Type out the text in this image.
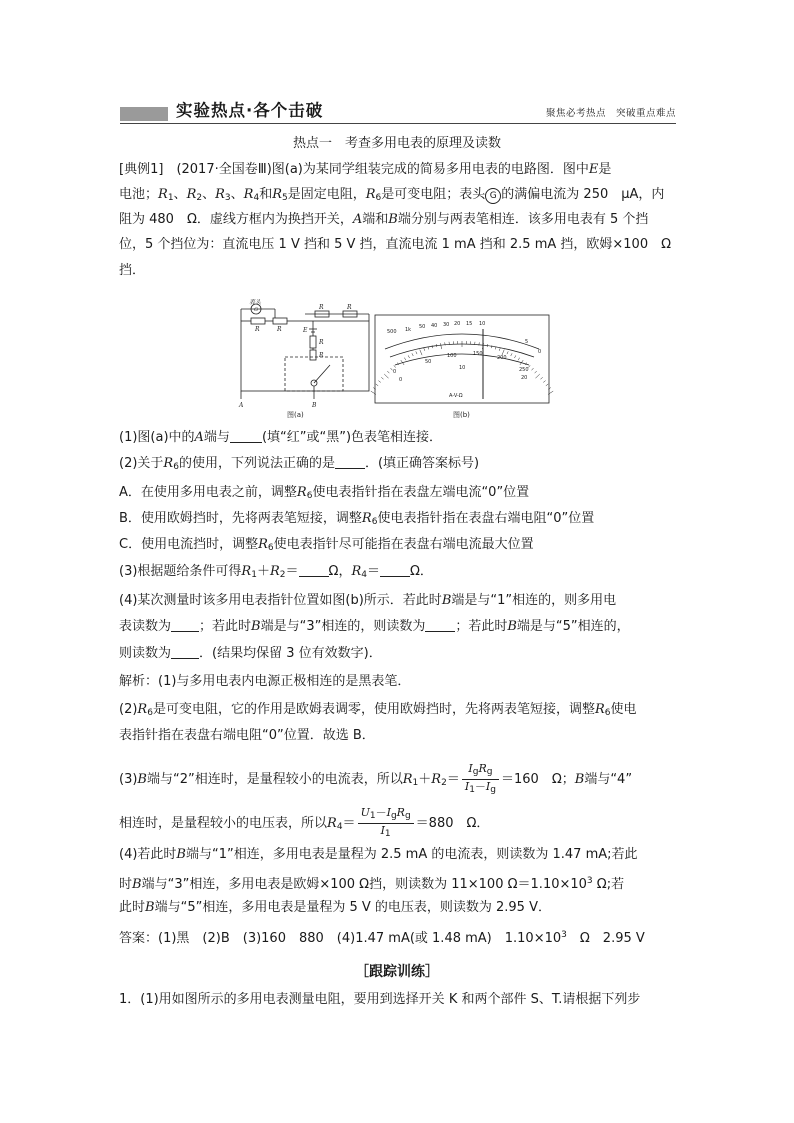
实验热点·各个击破	聚焦必考热点　突破重点难点
热点一　考查多用电表的原理及读数
[典例1]　 (2017·全国卷Ⅲ)图(a)为某同学组装完成的简易多用电表的电路图．图中E是
电池；$R_1$、$R_2$、$R_3$、$R_4$和$R_5$是固定电阻，$R_6$是可变电阻；表头 G 的满偏电流为 250　μA，内
阻为 480　Ω．虚线方框内为换挡开关，A端和B端分别与两表笔相连．该多用电表有 5 个挡
位，5 个挡位为：直流电压 1 V 挡和 5 V 挡，直流电流 1 mA 挡和 2.5 mA 挡，欧姆×100　Ω
挡．
表头
G
R	R
R	R
E
R
R
A	B
图(a)
500 1k 50 40 30 20 15 10
5
0
0
50
100	150
200
250
0
10
20
A-V-Ω
图(b)
(1)图(a)中的A端与 (填“红”或“黑”)色表笔相连接．
(2)关于$R_6$的使用，下列说法正确的是 ．(填正确答案标号)
A．在使用多用电表之前，调整$R_6$使电表指针指在表盘左端电流“0”位置
B．使用欧姆挡时，先将两表笔短接，调整$R_6$使电表指针指在表盘右端电阻“0”位置
C．使用电流挡时，调整$R_6$使电表指针尽可能指在表盘右端电流最大位置
(3)根据题给条件可得$R_1+R_2= \Omega$，$R_4= \Omega$．
(4)某次测量时该多用电表指针位置如图(b)所示．若此时B端是与“1”相连的，则多用电
表读数为 ；若此时B端是与“3”相连的，则读数为 ；若此时B端是与“5”相连的，
则读数为 ．(结果均保留 3 位有效数字)．
解析：(1)与多用电表内电源正极相连的是黑表笔．
$(2)R_6$是可变电阻，它的作用是欧姆表调零，使用欧姆挡时，先将两表笔短接，调整$R_6$使电
表指针指在表盘右端电阻“0”位置．故选 B．
(3)B端与“2”相连时，是量程较小的电流表，所以$R_1+R_2= \frac{I_gR_g}{I_1-I_g} =160$　Ω；B端与“4”
相连时，是量程较小的电压表，所以$R_4= \frac{U_1-I_gR_g}{I_1} =880$　Ω．
(4)若此时B端与“1”相连，多用电表是量程为 2.5 mA 的电流表，则读数为 1.47 mA;若此
时B端与“3”相连，多用电表是欧姆×100 Ω挡，则读数为 11×100 $\Omega=1.10\times 10^3$ Ω;若
此时B端与“5”相连，多用电表是量程为 5 V 的电压表，则读数为 2.95 V．
答案：(1)黑　(2)B　(3)160　880　(4)1.47 mA(或 1.48 mA)　$1.10\times 10^3$　Ω　2.95 V
［跟踪训练］
1．(1)用如图所示的多用电表测量电阻，要用到选择开关 K 和两个部件 S、T.请根据下列步
